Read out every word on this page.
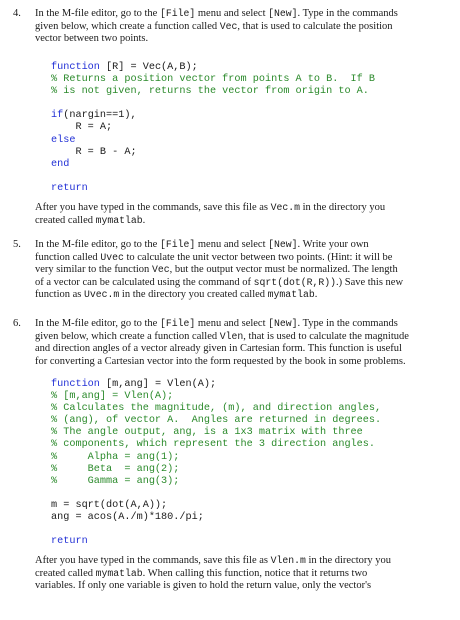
4. In the M-file editor, go to the [File] menu and select [New]. Type in the commands
given below, which create a function called Vec, that is used to calculate the position
vector between two points.
function [R] = Vec(A,B);
% Returns a position vector from points A to B.  If B
% is not given, returns the vector from origin to A.
if(nargin==1),
R = A;
else
R = B - A;
end
return
After you have typed in the commands, save this file as Vec.m in the directory you
created called mymatlab.
5. In the M-file editor, go to the [File] menu and select [New]. Write your own
function called Uvec to calculate the unit vector between two points. (Hint: it will be
very similar to the function Vec, but the output vector must be normalized. The length
of a vector can be calculated using the command of sqrt(dot(R,R)).) Save this new
function as Uvec.m in the directory you created called mymatlab.
6. In the M-file editor, go to the [File] menu and select [New]. Type in the commands
given below, which create a function called Vlen, that is used to calculate the magnitude
and direction angles of a vector already given in Cartesian form. This function is useful
for converting a Cartesian vector into the form requested by the book in some problems.
function [m,ang] = Vlen(A);
% [m,ang] = Vlen(A);
% Calculates the magnitude, (m), and direction angles,
% (ang), of vector A.  Angles are returned in degrees.
% The angle output, ang, is a 1x3 matrix with three
% components, which represent the 3 direction angles.
%     Alpha = ang(1);
%     Beta  = ang(2);
%     Gamma = ang(3);
m = sqrt(dot(A,A));
ang = acos(A./m)*180./pi;
return
After you have typed in the commands, save this file as Vlen.m in the directory you
created called mymatlab. When calling this function, notice that it returns two
variables. If only one variable is given to hold the return value, only the vector's
